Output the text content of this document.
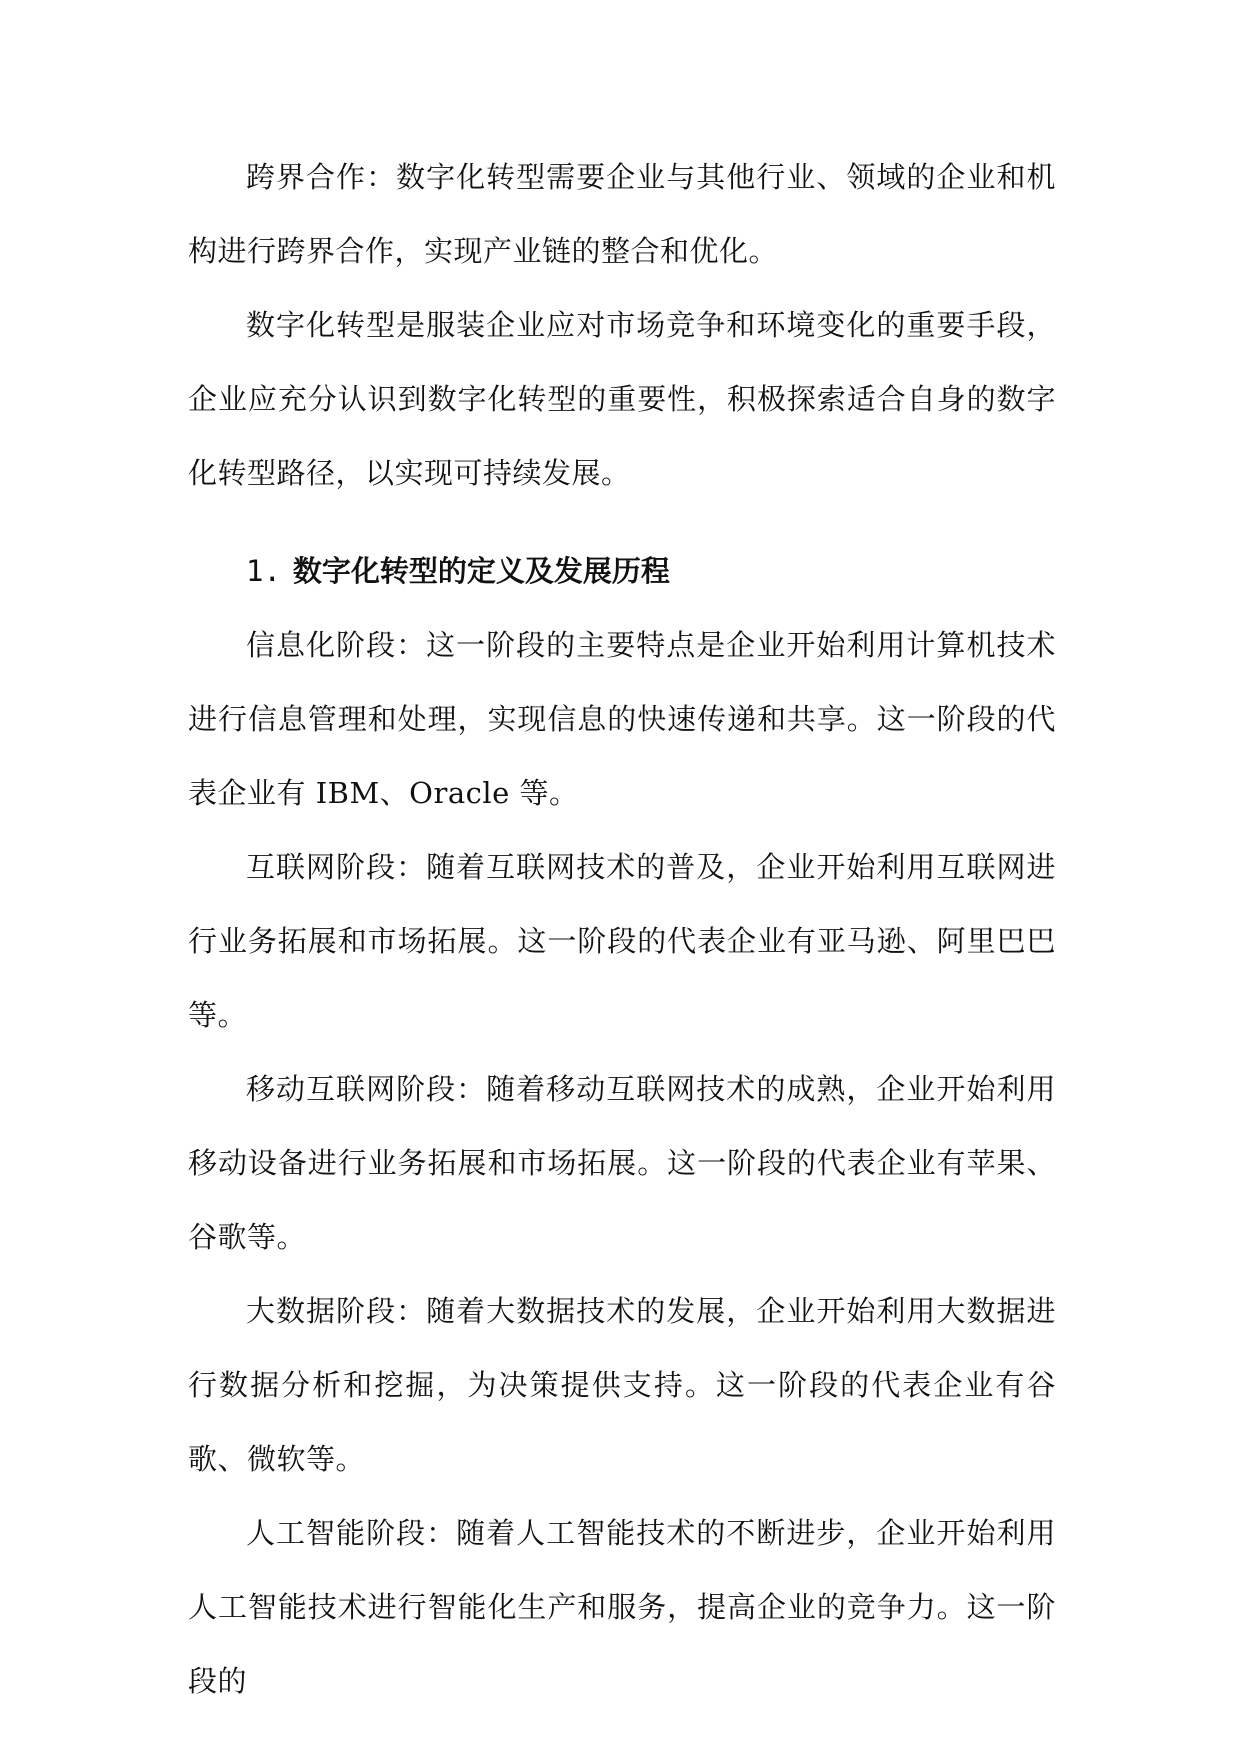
跨界合作：数字化转型需要企业与其他行业、领域的企业和机构进行跨界合作，实现产业链的整合和优化。

数字化转型是服装企业应对市场竞争和环境变化的重要手段，企业应充分认识到数字化转型的重要性，积极探索适合自身的数字化转型路径，以实现可持续发展。

1. 数字化转型的定义及发展历程

信息化阶段：这一阶段的主要特点是企业开始利用计算机技术进行信息管理和处理，实现信息的快速传递和共享。这一阶段的代表企业有 IBM、Oracle 等。

互联网阶段：随着互联网技术的普及，企业开始利用互联网进行业务拓展和市场拓展。这一阶段的代表企业有亚马逊、阿里巴巴等。

移动互联网阶段：随着移动互联网技术的成熟，企业开始利用移动设备进行业务拓展和市场拓展。这一阶段的代表企业有苹果、谷歌等。

大数据阶段：随着大数据技术的发展，企业开始利用大数据进行数据分析和挖掘，为决策提供支持。这一阶段的代表企业有谷歌、微软等。

人工智能阶段：随着人工智能技术的不断进步，企业开始利用人工智能技术进行智能化生产和服务，提高企业的竞争力。这一阶段的
